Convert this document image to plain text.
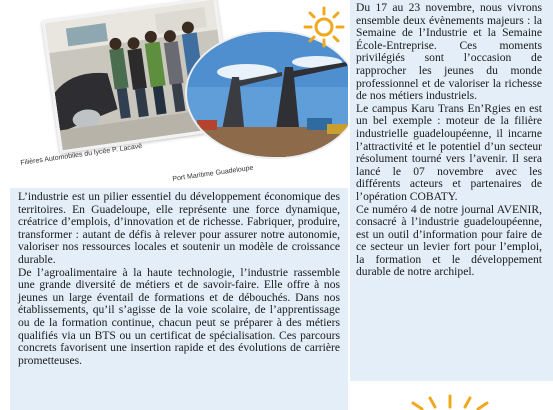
Filières Automobiles du lycée P. Lacavé
Port Maritime Guadeloupe

L’industrie est un pilier essentiel du développement économique des territoires. En Guadeloupe, elle représente une force dynamique, créatrice d’emplois, d’innovation et de richesse. Fabriquer, produire, transformer : autant de défis à relever pour assurer notre autonomie, valoriser nos ressources locales et soutenir un modèle de croissance durable.

De l’agroalimentaire à la haute technologie, l’industrie rassemble une grande diversité de métiers et de savoir-faire. Elle offre à nos jeunes un large éventail de formations et de débouchés. Dans nos établissements, qu’il s’agisse de la voie scolaire, de l’apprentissage ou de la formation continue, chacun peut se préparer à des métiers qualifiés via un BTS ou un certificat de spécialisation. Ces parcours concrets favorisent une insertion rapide et des évolutions de carrière prometteuses.

Du 17 au 23 novembre, nous vivrons ensemble deux évènements majeurs : la Semaine de l’Industrie et la Semaine École-Entreprise. Ces moments privilégiés sont l’occasion de rapprocher les jeunes du monde professionnel et de valoriser la richesse de nos métiers industriels.

Le campus Karu Trans En’Rgies en est un bel exemple : moteur de la filière industrielle guadeloupéenne, il incarne l’attractivité et le potentiel d’un secteur résolument tourné vers l’avenir. Il sera lancé le 07 novembre avec les différents acteurs et partenaires de l’opération COBATY.

Ce numéro 4 de notre journal AVENIR, consacré à l’industrie guadeloupéenne, est un outil d’information pour faire de ce secteur un levier fort pour l’emploi, la formation et le développement durable de notre archipel.
